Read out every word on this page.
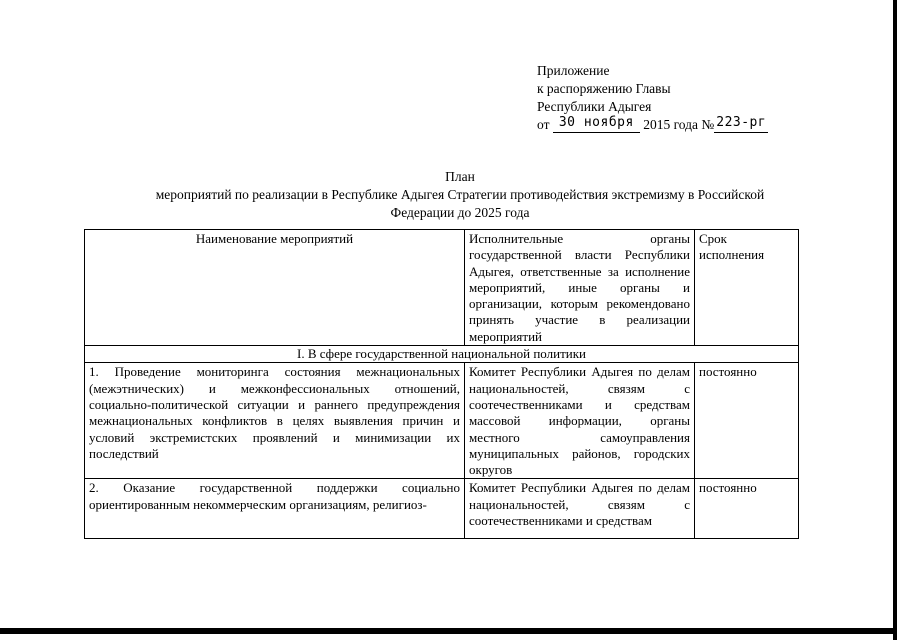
Приложение
к распоряжению Главы
Республики Адыгея
от 30 ноября 2015 года № 223-рг
План
мероприятий по реализации в Республике Адыгея Стратегии противодействия экстремизму в Российской
Федерации до 2025 года
Наименование мероприятий	Исполнительные органы государственной власти Республики Адыгея, ответственные за исполнение мероприятий, иные органы и организации, которым рекомендовано принять участие в реализации мероприятий	Срок исполнения
I. В сфере государственной национальной политики		
1. Проведение мониторинга состояния межнациональных (межэтнических) и межконфессиональных отношений, социально-политической ситуации и раннего предупреждения межнациональных конфликтов в целях выявления причин и условий экстремистских проявлений и минимизации их последствий	Комитет Республики Адыгея по делам национальностей, связям с соотечественниками и средствам массовой информации, органы местного самоуправления муниципальных районов, городских округов	постоянно

2. Оказание государственной поддержки социально ориентированным некоммерческим организациям, религиоз-	Комитет Республики Адыгея по делам национальностей, связям с соотечественниками и средствам	постоянно
